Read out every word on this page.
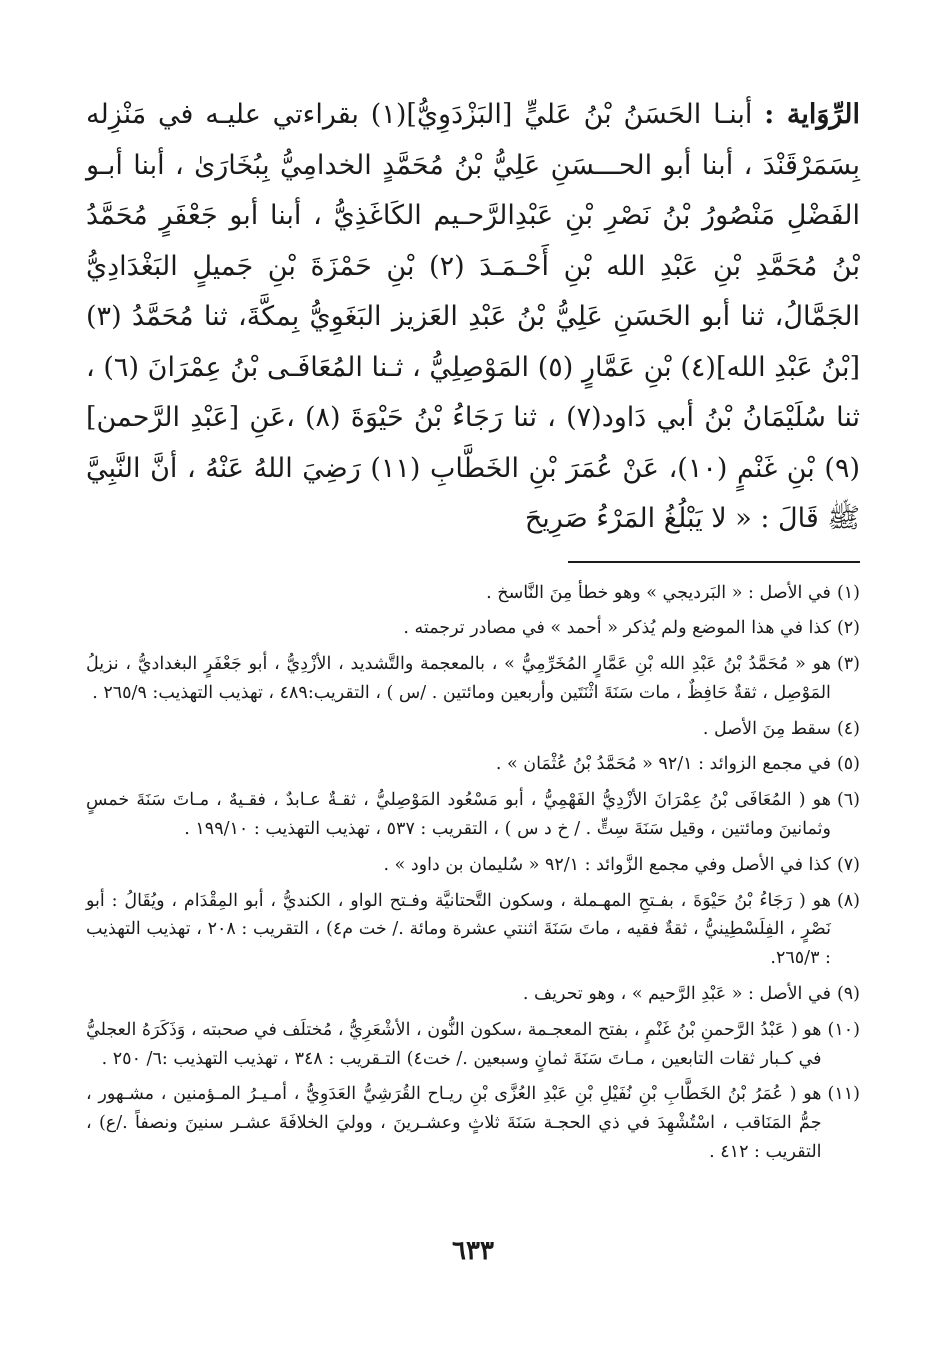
الرِّوَاية : أبنـا الحَسَنُ بْنُ عَليٍّ [البَزْدَوِيُّ](١) بقراءتي عليـه في مَنْزِله بِسَمَرْقَنْدَ ، أبنا أبو الحـــسَنِ عَلِيُّ بْنُ مُحَمَّدٍ الخدامِيُّ بِبُخَارَىٰ ، أبنا أبـو الفَضْلِ مَنْصُورُ بْنُ نَصْرِ بْنِ عَبْدِالرَّحـيم الكَاغَذِيُّ ، أبنا أبو جَعْفَرٍ مُحَمَّدُ بْنُ مُحَمَّدِ بْنِ عَبْدِ الله بْنِ أَحْـمَـدَ (٢) بْنِ حَمْزَةَ بْنِ جَميلٍ البَغْدَادِيُّ الجَمَّالُ، ثنا أبو الحَسَنِ عَلِيُّ بْنُ عَبْدِ العَزيز البَغَوِيُّ بِمكَّةَ، ثنا مُحَمَّدُ (٣) [بْنُ عَبْدِ الله](٤) بْنِ عَمَّارٍ (٥) المَوْصِلِيُّ ، ثـنا المُعَافَـى بْنُ عِمْرَانَ (٦) ، ثنا سُلَيْمَانُ بْنُ أبي دَاود(٧) ، ثنا رَجَاءُ بْنُ حَيْوَةَ (٨) ،عَنِ [عَبْدِ الرَّحمن] (٩) بْنِ غَنْمٍ (١٠)، عَنْ عُمَرَ بْنِ الخَطَّابِ (١١) رَضِيَ اللهُ عَنْهُ ، أنَّ النَّبِيَّ ﷺ قَالَ : « لا يَبْلُغُ المَرْءُ صَرِيحَ

(١)
في الأصل : « البَرديجي » وهو خطأ مِنَ النَّاسخ .
(٢)
كذا في هذا الموضع ولم يُذكر « أحمد » في مصادر ترجمته .
(٣)
هو « مُحَمَّدُ بْنُ عَبْدِ الله بْنِ عَمَّارٍ المُخَرِّمِيُّ » ، بالمعجمة والتَّشديد ، الأزْدِيُّ ، أبو جَعْفَرٍ البغداديُّ ، نزيلُ المَوْصِل ، ثقةٌ حَافِظٌ ، مات سَنَةَ اثْنَتَين وأربعين ومائتين . /س ) ، التقريب:٤٨٩ ، تهذيب التهذيب: ٢٦٥/٩ .
(٤)
سقط مِنَ الأصل .
(٥)
في مجمع الزوائد : ٩٢/١ « مُحَمَّدُ بْنُ عُثْمَان » .
(٦)
هو ( المُعَافَى بْنُ عِمْرَانَ الأزْدِيُّ الفَهْمِيُّ ، أبو مَسْعُود المَوْصِليُّ ، ثقـةٌ عـابدٌ ، فقـيهٌ ، مـاتَ سَنَةَ خمسٍ وثمانينَ ومائتين ، وقيل سَنَةَ سِتٍّ . / خ د س ) ، التقريب : ٥٣٧ ، تهذيب التهذيب : ١٩٩/١٠ .
(٧)
كذا في الأصل وفي مجمع الزَّوائد : ٩٢/١ « سُليمان بن داود » .
(٨)
هو ( رَجَاءُ بْنُ حَيْوَةَ ، بفـتحِ المهـملة ، وسكون التَّحتانيَّة وفـتح الواو ، الكنديُّ ، أبو المِقْدَام ، ويُقَالُ : أبو نَصْرٍ ، الفِلَسْطِينيُّ ، ثقةٌ فقيه ، ماتَ سَنَةَ اثنتي عشرة ومائة ./ خت م٤) ، التقريب : ٢٠٨ ، تهذيب التهذيب : ٢٦٥/٣.
(٩)
في الأصل : « عَبْدِ الرَّحيم » ، وهو تحريف .
(١٠)
هو ( عَبْدُ الرَّحمنِ بْنُ غَنْمٍ ، بفتح المعجـمة ،سكون النُّون ، الأشْعَرِيُّ ، مُختلَف في صحبته ، وَذَكَرَهُ العجليُّ في كـبار ثقات التابعين ، مـاتَ سَنَةَ ثمانٍ وسبعين ./ خت٤) التـقريب : ٣٤٨ ، تهذيب التهذيب :٦/ ٢٥٠ .
(١١)
هو ( عُمَرُ بْنُ الخَطَّابِ بْنِ نُفَيْلِ بْنِ عَبْدِ العُزَّى بْنِ ريـاح القُرَشِيُّ العَدَوِيُّ ، أمـيـرُ المـؤمنين ، مشـهور ، جمُّ المَنَاقب ، اسْتُشْهِدَ في ذي الحجـة سَنَةَ ثلاثٍ وعشـرينَ ، ووليَ الخلافَةَ عشـر سنينَ ونصفاً ./ع) ، التقريب : ٤١٢ .
٦٣٣
